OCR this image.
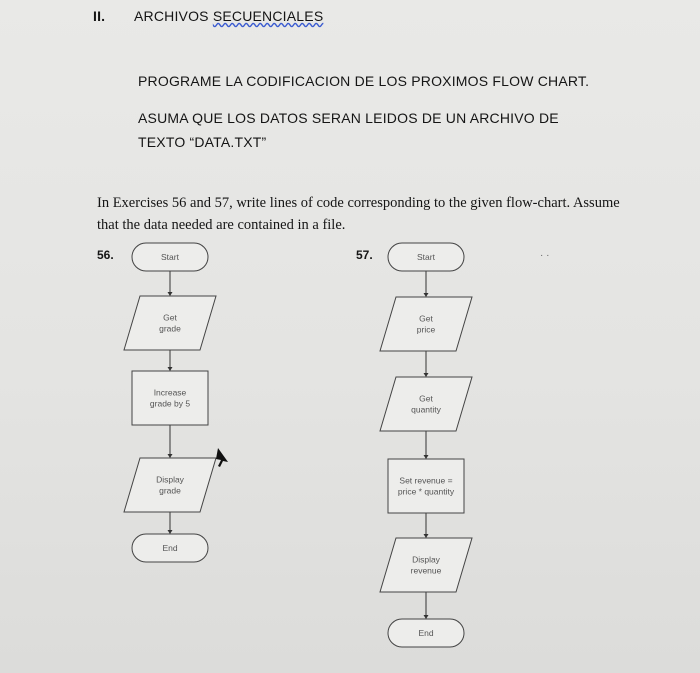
II. ARCHIVOS SECUENCIALES
PROGRAME LA CODIFICACION DE LOS PROXIMOS FLOW CHART.
ASUMA QUE LOS DATOS SERAN LEIDOS DE UN ARCHIVO DE
TEXTO “DATA.TXT”
In Exercises 56 and 57, write lines of code corresponding to the given flow-chart. Assume that the data needed are contained in a file.
56.	57.	· ·
Start
Get
grade
Increase
grade by 5
Display
grade
End
Start
Get
price
Get
quantity
Set revenue =
price * quantity
Display
revenue
End
